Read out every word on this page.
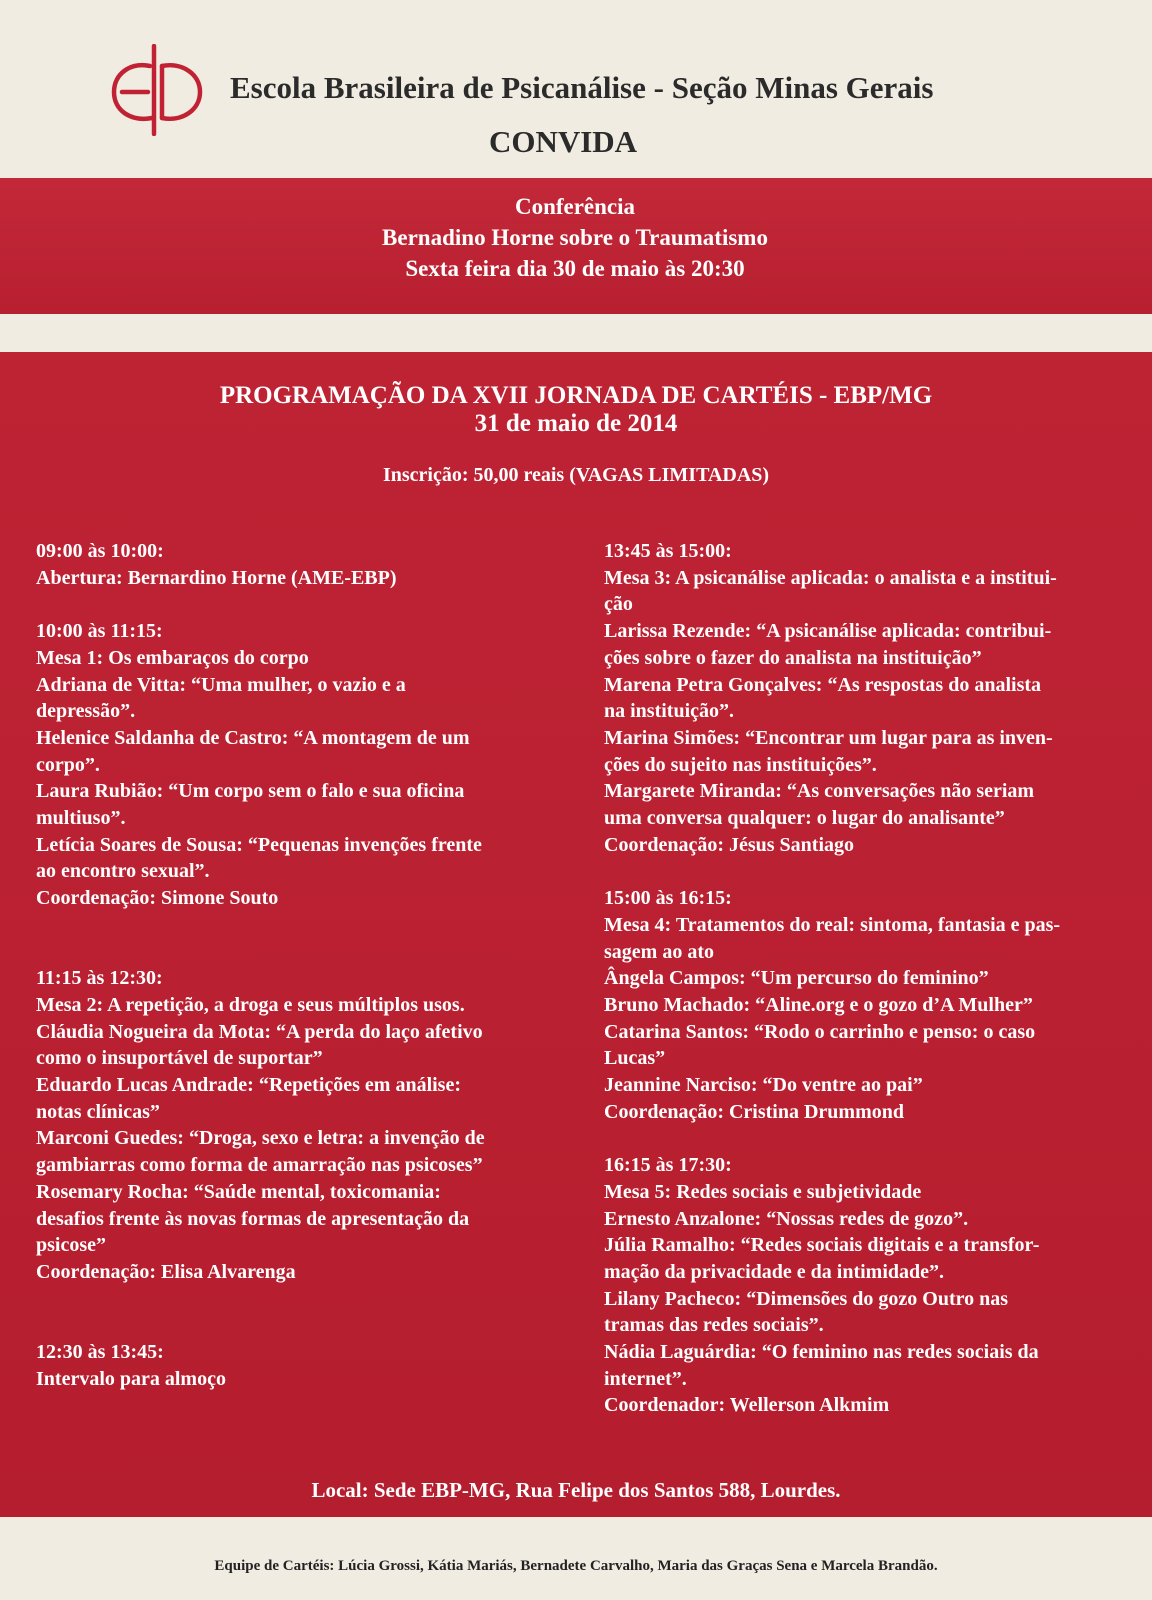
Escola Brasileira de Psicanálise - Seção Minas Gerais
CONVIDA
Conferência
Bernadino Horne sobre o Traumatismo
Sexta feira dia 30 de maio às 20:30
PROGRAMAÇÃO DA XVII JORNADA DE CARTÉIS - EBP/MG
31 de maio de 2014
Inscrição: 50,00 reais (VAGAS LIMITADAS)
09:00 às 10:00:
Abertura: Bernardino Horne (AME-EBP)
10:00 às 11:15:
Mesa 1: Os embaraços do corpo
Adriana de Vitta: “Uma mulher, o vazio e a
depressão”.
Helenice Saldanha de Castro: “A montagem de um
corpo”.
Laura Rubião: “Um corpo sem o falo e sua oficina
multiuso”.
Letícia Soares de Sousa: “Pequenas invenções frente
ao encontro sexual”.
Coordenação: Simone Souto
11:15 às 12:30:
Mesa 2: A repetição, a droga e seus múltiplos usos.
Cláudia Nogueira da Mota: “A perda do laço afetivo
como o insuportável de suportar”
Eduardo Lucas Andrade: “Repetições em análise:
notas clínicas”
Marconi Guedes: “Droga, sexo e letra: a invenção de
gambiarras como forma de amarração nas psicoses”
Rosemary Rocha: “Saúde mental, toxicomania:
desafios frente às novas formas de apresentação da
psicose”
Coordenação: Elisa Alvarenga
12:30 às 13:45:
Intervalo para almoço
13:45 às 15:00:
Mesa 3: A psicanálise aplicada: o analista e a institui-
ção
Larissa Rezende: “A psicanálise aplicada: contribui-
ções sobre o fazer do analista na instituição”
Marena Petra Gonçalves: “As respostas do analista
na instituição”.
Marina Simões: “Encontrar um lugar para as inven-
ções do sujeito nas instituições”.
Margarete Miranda: “As conversações não seriam
uma conversa qualquer: o lugar do analisante”
Coordenação: Jésus Santiago
15:00 às 16:15:
Mesa 4: Tratamentos do real: sintoma, fantasia e pas-
sagem ao ato
Ângela Campos: “Um percurso do feminino”
Bruno Machado: “Aline.org e o gozo d’A Mulher”
Catarina Santos: “Rodo o carrinho e penso: o caso
Lucas”
Jeannine Narciso: “Do ventre ao pai”
Coordenação: Cristina Drummond
16:15 às 17:30:
Mesa 5: Redes sociais e subjetividade
Ernesto Anzalone: “Nossas redes de gozo”.
Júlia Ramalho: “Redes sociais digitais e a transfor-
mação da privacidade e da intimidade”.
Lilany Pacheco: “Dimensões do gozo Outro nas
tramas das redes sociais”.
Nádia Laguárdia: “O feminino nas redes sociais da
internet”.
Coordenador: Wellerson Alkmim
Local: Sede EBP-MG, Rua Felipe dos Santos 588, Lourdes.
Equipe de Cartéis: Lúcia Grossi, Kátia Mariás, Bernadete Carvalho, Maria das Graças Sena e Marcela Brandão.
